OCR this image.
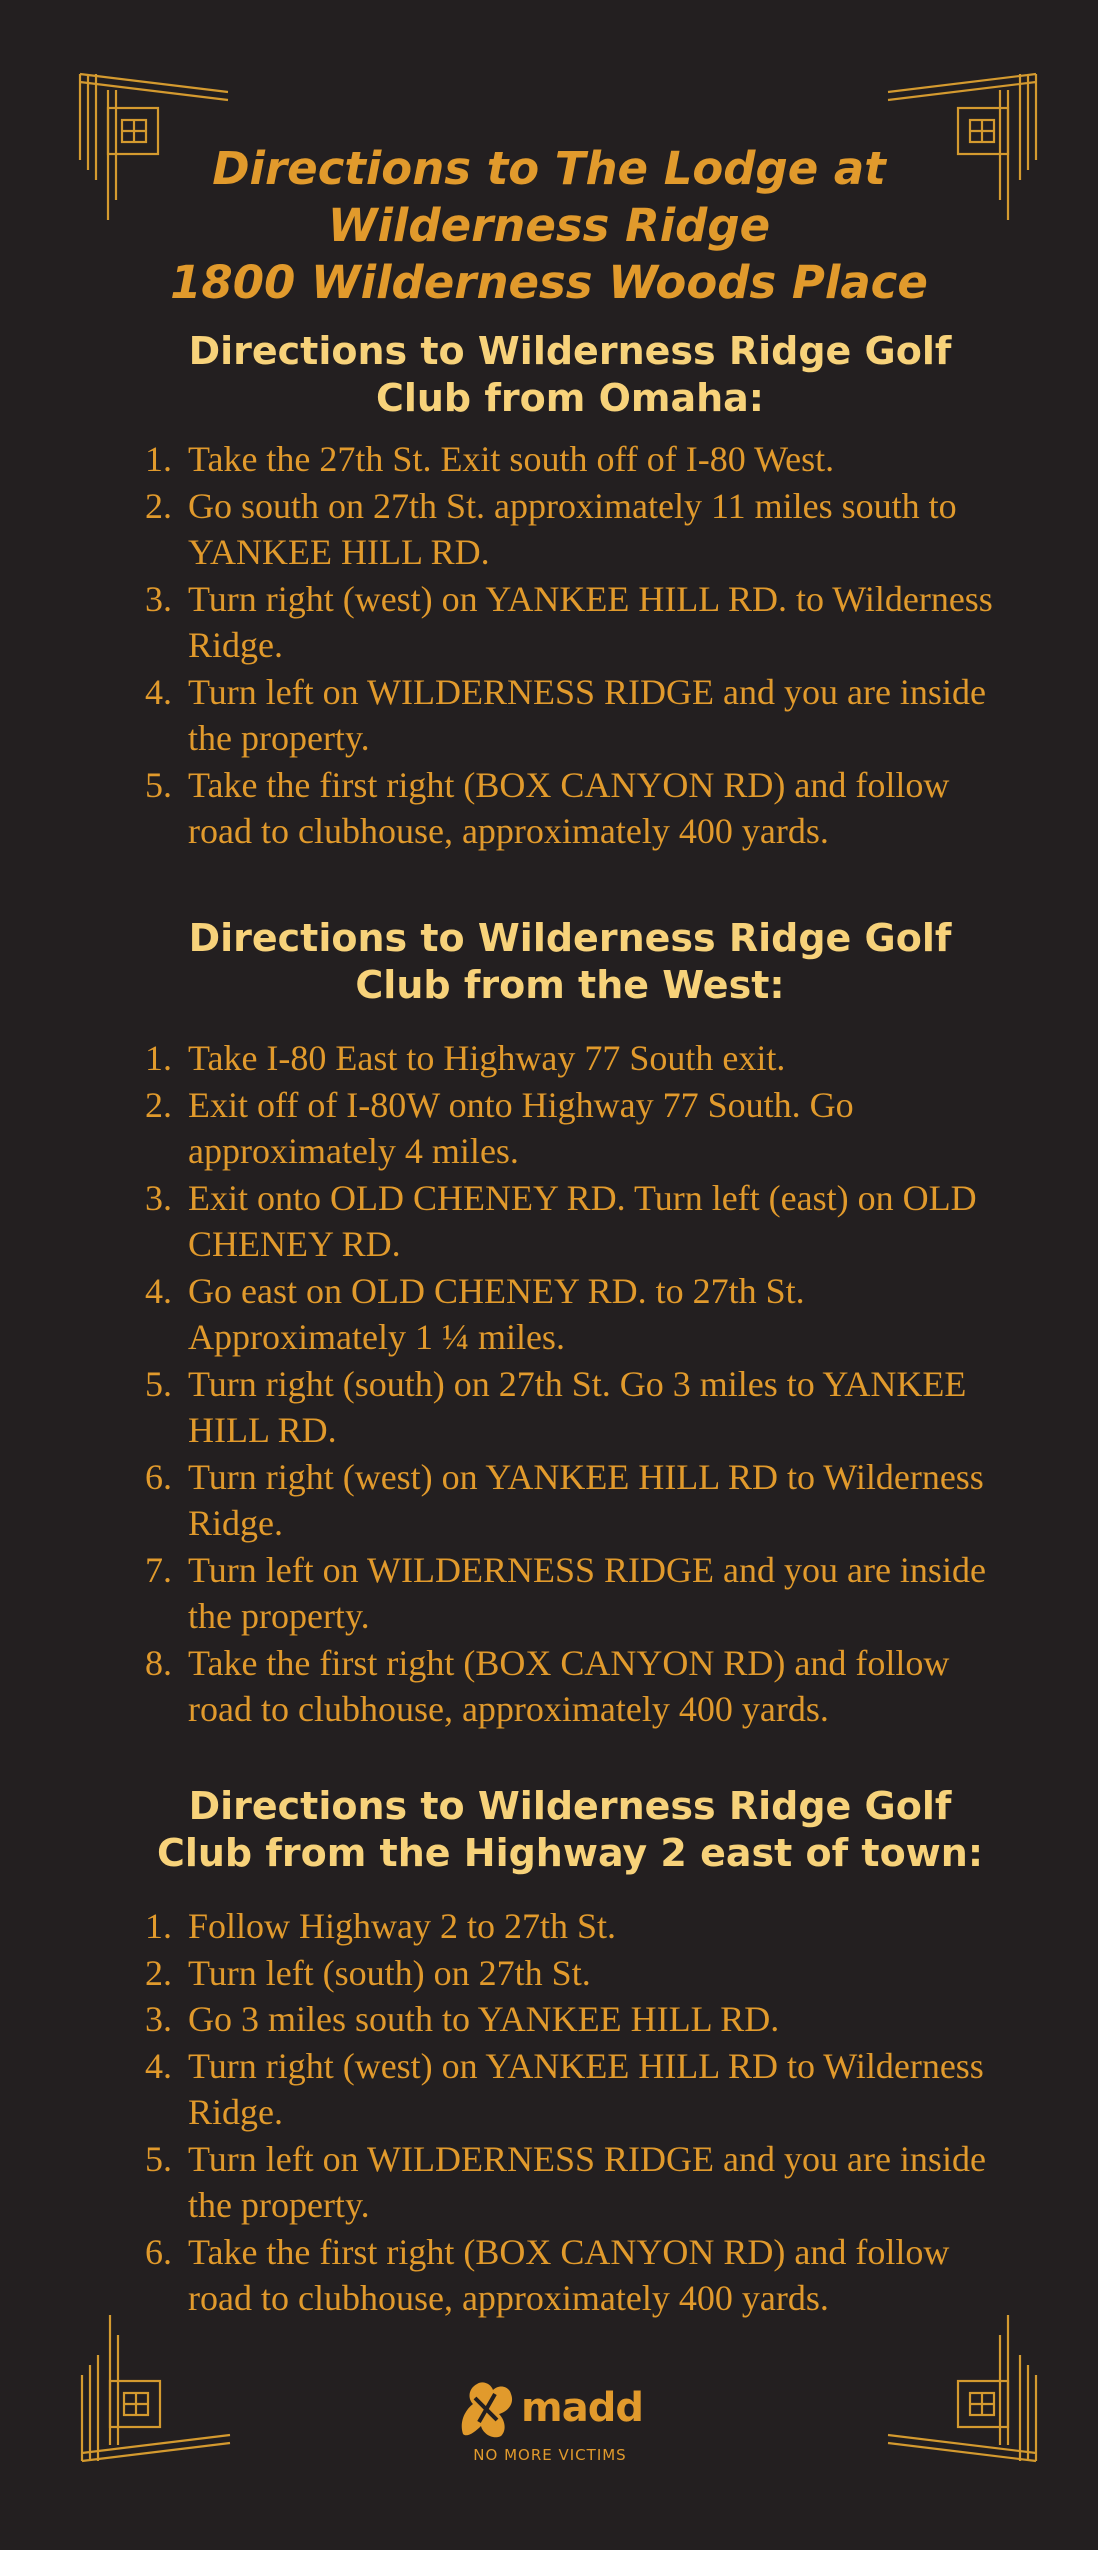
Directions to The Lodge at
Wilderness Ridge
1800 Wilderness Woods Place
Directions to Wilderness Ridge Golf
Club from Omaha:
1. Take the 27th St. Exit south off of I-80 West.
2. Go south on 27th St. approximately 11 miles south to YANKEE HILL RD.
3. Turn right (west) on YANKEE HILL RD. to Wilderness Ridge.
4. Turn left on WILDERNESS RIDGE and you are inside the property.
5. Take the first right (BOX CANYON RD) and follow road to clubhouse, approximately 400 yards.
Directions to Wilderness Ridge Golf
Club from the West:
1. Take I-80 East to Highway 77 South exit.
2. Exit off of I-80W onto Highway 77 South. Go approximately 4 miles.
3. Exit onto OLD CHENEY RD. Turn left (east) on OLD CHENEY RD.
4. Go east on OLD CHENEY RD. to 27th St. Approximately 1 ¼ miles.
5. Turn right (south) on 27th St. Go 3 miles to YANKEE HILL RD.
6. Turn right (west) on YANKEE HILL RD to Wilderness Ridge.
7. Turn left on WILDERNESS RIDGE and you are inside the property.
8. Take the first right (BOX CANYON RD) and follow road to clubhouse, approximately 400 yards.
Directions to Wilderness Ridge Golf
Club from the Highway 2 east of town:
1. Follow Highway 2 to 27th St.
2. Turn left (south) on 27th St.
3. Go 3 miles south to YANKEE HILL RD.
4. Turn right (west) on YANKEE HILL RD to Wilderness Ridge.
5. Turn left on WILDERNESS RIDGE and you are inside the property.
6. Take the first right (BOX CANYON RD) and follow road to clubhouse, approximately 400 yards.
madd
NO MORE VICTIMS
